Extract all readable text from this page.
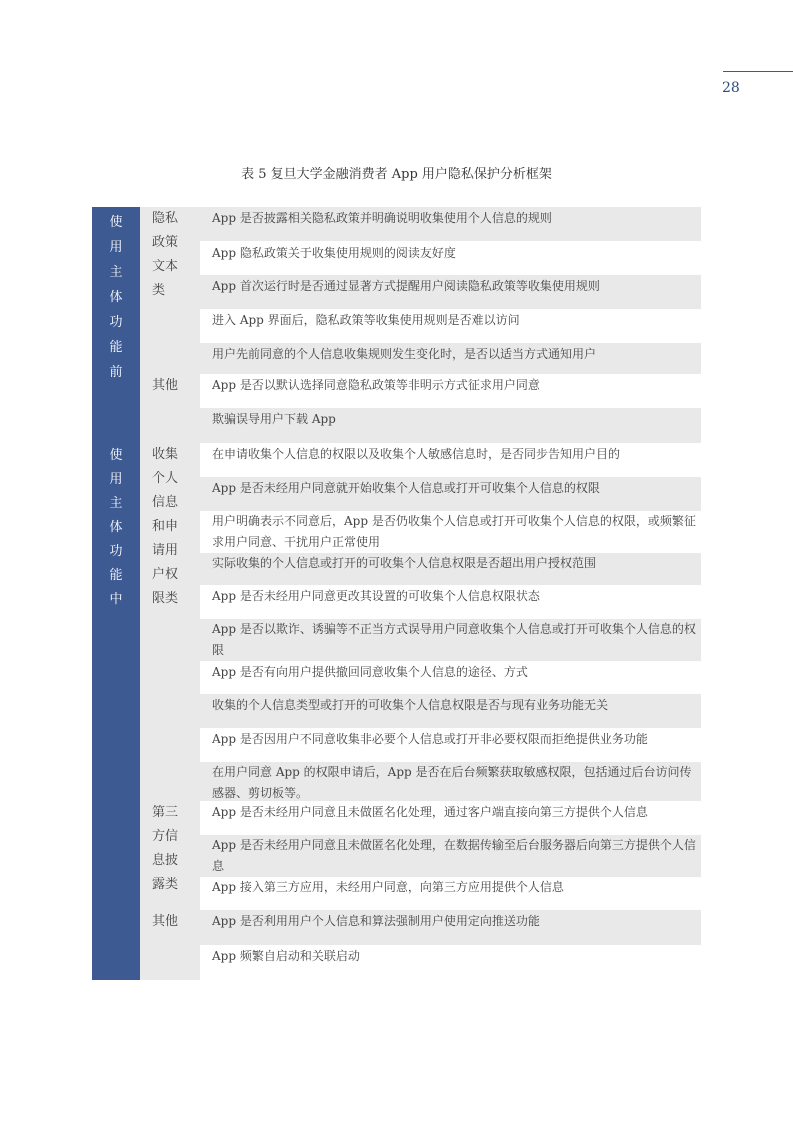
28
表 5 复旦大学金融消费者 App 用户隐私保护分析框架
使
用
主
体
功
能
前
隐私政策文本类
其他
App 是否披露相关隐私政策并明确说明收集使用个人信息的规则
App 隐私政策关于收集使用规则的阅读友好度
App 首次运行时是否通过显著方式提醒用户阅读隐私政策等收集使用规则
进入 App 界面后，隐私政策等收集使用规则是否难以访问
用户先前同意的个人信息收集规则发生变化时，是否以适当方式通知用户
App 是否以默认选择同意隐私政策等非明示方式征求用户同意
欺骗误导用户下载 App
使
用
主
体
功
能
中
收集个人信息和申请用户权限类
第三方信息披露类
其他
在申请收集个人信息的权限以及收集个人敏感信息时，是否同步告知用户目的
App 是否未经用户同意就开始收集个人信息或打开可收集个人信息的权限
用户明确表示不同意后，App 是否仍收集个人信息或打开可收集个人信息的权限，或频繁征求用户同意、干扰用户正常使用
实际收集的个人信息或打开的可收集个人信息权限是否超出用户授权范围
App 是否未经用户同意更改其设置的可收集个人信息权限状态
App 是否以欺诈、诱骗等不正当方式误导用户同意收集个人信息或打开可收集个人信息的权限
App 是否有向用户提供撤回同意收集个人信息的途径、方式
收集的个人信息类型或打开的可收集个人信息权限是否与现有业务功能无关
App 是否因用户不同意收集非必要个人信息或打开非必要权限而拒绝提供业务功能
在用户同意 App 的权限申请后，App 是否在后台频繁获取敏感权限，包括通过后台访问传感器、剪切板等。
App 是否未经用户同意且未做匿名化处理，通过客户端直接向第三方提供个人信息
App 是否未经用户同意且未做匿名化处理，在数据传输至后台服务器后向第三方提供个人信息
App 接入第三方应用，未经用户同意，向第三方应用提供个人信息
App 是否利用用户个人信息和算法强制用户使用定向推送功能
App 频繁自启动和关联启动
